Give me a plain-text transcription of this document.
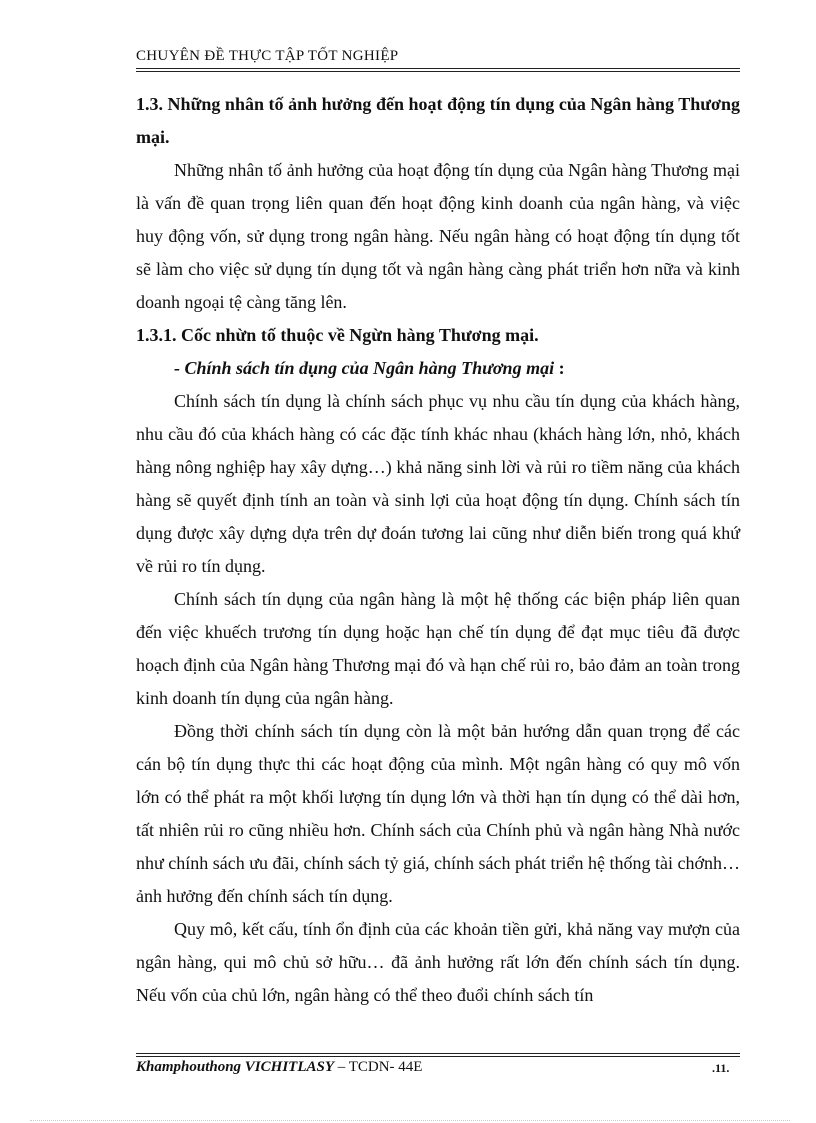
CHUYÊN ĐỀ THỰC TẬP TỐT NGHIỆP

1.3. Những nhân tố ảnh hưởng đến hoạt động tín dụng của Ngân hàng Thương mại.

Những nhân tố ảnh hưởng của hoạt động tín dụng của Ngân hàng Thương mại là vấn đề quan trọng liên quan đến hoạt động kinh doanh của ngân hàng, và việc huy động vốn, sử dụng trong ngân hàng. Nếu ngân hàng có hoạt động tín dụng tốt sẽ làm cho việc sử dụng tín dụng tốt và ngân hàng càng phát triển hơn nữa và kinh doanh ngoại tệ càng tăng lên.

1.3.1. Cốc nhừn tố thuộc về Ngừn hàng Thương mại.

- Chính sách tín dụng của Ngân hàng Thương mại :

Chính sách tín dụng là chính sách phục vụ nhu cầu tín dụng của khách hàng, nhu cầu đó của khách hàng có các đặc tính khác nhau (khách hàng lớn, nhỏ, khách hàng nông nghiệp hay xây dựng…) khả năng sinh lời và rủi ro tiềm năng của khách hàng sẽ quyết định tính an toàn và sinh lợi của hoạt động tín dụng. Chính sách tín dụng được xây dựng dựa trên dự đoán tương lai cũng như diễn biến trong quá khứ về rủi ro tín dụng.

Chính sách tín dụng của ngân hàng là một hệ thống các biện pháp liên quan đến việc khuếch trương tín dụng hoặc hạn chế tín dụng để đạt mục tiêu đã được hoạch định của Ngân hàng Thương mại đó và hạn chế rủi ro, bảo đảm an toàn trong kinh doanh tín dụng của ngân hàng.

Đồng thời chính sách tín dụng còn là một bản hướng dẫn quan trọng để các cán bộ tín dụng thực thi các hoạt động của mình. Một ngân hàng có quy mô vốn lớn có thể phát ra một khối lượng tín dụng lớn và thời hạn tín dụng có thể dài hơn, tất nhiên rủi ro cũng nhiều hơn. Chính sách của Chính phủ và ngân hàng Nhà nước như chính sách ưu đãi, chính sách tỷ giá, chính sách phát triển hệ thống tài chớnh… ảnh hưởng đến chính sách tín dụng.

Quy mô, kết cấu, tính ổn định của các khoản tiền gửi, khả năng vay mượn của ngân hàng, qui mô chủ sở hữu… đã ảnh hưởng rất lớn đến chính sách tín dụng. Nếu vốn của chủ lớn, ngân hàng có thể theo đuổi chính sách tín

Khamphouthong VICHITLASY – TCDN- 44E	.11.
